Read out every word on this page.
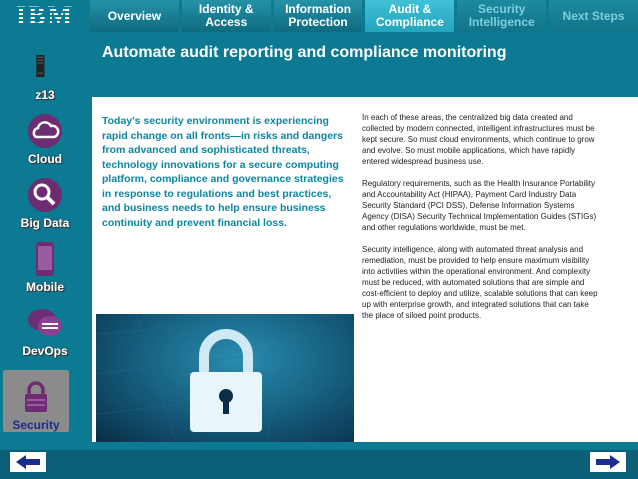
IBM	Overview	Identity & Access
Information Protection
Audit & Compliance
Security Intelligence	Next Steps
z13
Cloud
Big Data
Mobile
DevOps
Security
Automate audit reporting and compliance monitoring

Today's security environment is experiencing rapid change on all fronts—in risks and dangers from advanced and sophisticated threats, technology innovations for a secure computing platform, compliance and governance strategies in response to regulations and best practices, and business needs to help ensure business continuity and prevent financial loss.

In each of these areas, the centralized big data created and collected by modern connected, intelligent infrastructures must be kept secure. So must cloud environments, which continue to grow and evolve. So must mobile applications, which have rapidly entered widespread business use.

Regulatory requirements, such as the Health Insurance Portability and Accountability Act (HIPAA), Payment Card Industry Data Security Standard (PCI DSS), Defense Information Systems Agency (DISA) Security Technical Implementation Guides (STIGs) and other regulations worldwide, must be met.

Security intelligence, along with automated threat analysis and remediation, must be provided to help ensure maximum visibility into activities within the operational environment. And complexity must be reduced, with automated solutions that are simple and cost-efficient to deploy and utilize, scalable solutions that can keep up with enterprise growth, and integrated solutions that can take the place of siloed point products.
